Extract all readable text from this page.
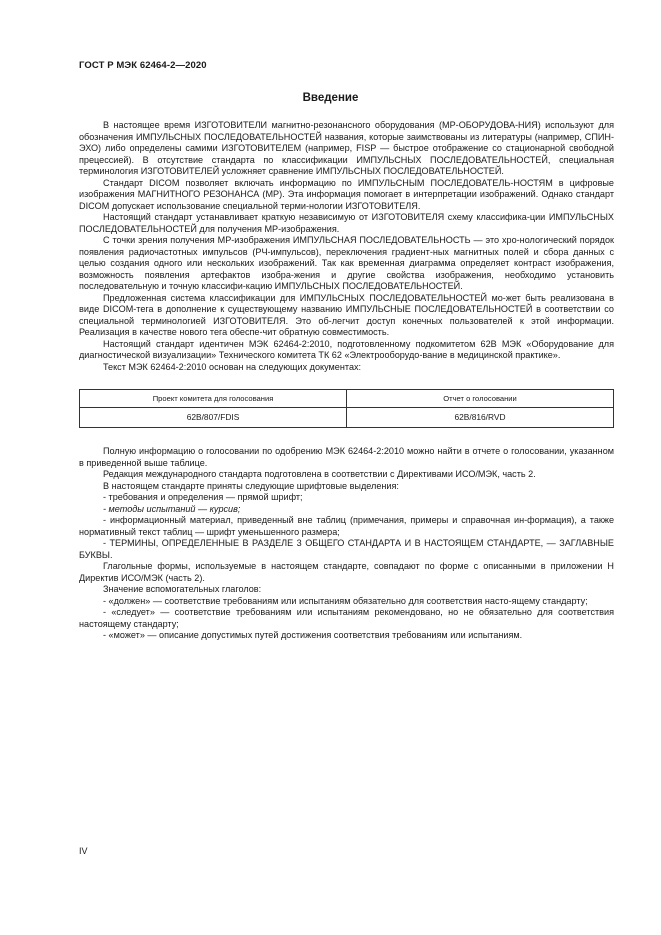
ГОСТ Р МЭК 62464-2—2020
Введение

В настоящее время ИЗГОТОВИТЕЛИ магнитно-резонансного оборудования (МР-ОБОРУДОВА-НИЯ) используют для обозначения ИМПУЛЬСНЫХ ПОСЛЕДОВАТЕЛЬНОСТЕЙ названия, которые заимствованы из литературы (например, СПИН-ЭХО) либо определены самими ИЗГОТОВИТЕЛЕМ (например, FISP — быстрое отображение со стационарной свободной прецессией). В отсутствие стандарта по классификации ИМПУЛЬСНЫХ ПОСЛЕДОВАТЕЛЬНОСТЕЙ, специальная терминология ИЗГОТОВИТЕЛЕЙ усложняет сравнение ИМПУЛЬСНЫХ ПОСЛЕДОВАТЕЛЬНОСТЕЙ.

Стандарт DICOM позволяет включать информацию по ИМПУЛЬСНЫМ ПОСЛЕДОВАТЕЛЬ-НОСТЯМ в цифровые изображения МАГНИТНОГО РЕЗОНАНСА (МР). Эта информация помогает в интерпретации изображений. Однако стандарт DICOM допускает использование специальной терми-нологии ИЗГОТОВИТЕЛЯ.

Настоящий стандарт устанавливает краткую независимую от ИЗГОТОВИТЕЛЯ схему классифика-ции ИМПУЛЬСНЫХ ПОСЛЕДОВАТЕЛЬНОСТЕЙ для получения МР-изображения.

С точки зрения получения МР-изображения ИМПУЛЬСНАЯ ПОСЛЕДОВАТЕЛЬНОСТЬ — это хро-нологический порядок появления радиочастотных импульсов (РЧ-импульсов), переключения градиент-ных магнитных полей и сбора данных с целью создания одного или нескольких изображений. Так как временная диаграмма определяет контраст изображения, возможность появления артефактов изобра-жения и другие свойства изображения, необходимо установить последовательную и точную классифи-кацию ИМПУЛЬСНЫХ ПОСЛЕДОВАТЕЛЬНОСТЕЙ.

Предложенная система классификации для ИМПУЛЬСНЫХ ПОСЛЕДОВАТЕЛЬНОСТЕЙ мо-жет быть реализована в виде DICOM-тега в дополнение к существующему названию ИМПУЛЬСНЫЕ ПОСЛЕДОВАТЕЛЬНОСТЕЙ в соответствии со специальной терминологией ИЗГОТОВИТЕЛЯ. Это об-легчит доступ конечных пользователей к этой информации. Реализация в качестве нового тега обеспе-чит обратную совместимость.

Настоящий стандарт идентичен МЭК 62464-2:2010, подготовленному подкомитетом 62В МЭК «Оборудование для диагностической визуализации» Технического комитета ТК 62 «Электрооборудо-вание в медицинской практике».

Текст МЭК 62464-2:2010 основан на следующих документах:

Проект комитета для голосования	Отчет о голосовании
62В/807/FDIS	62В/816/RVD

Полную информацию о голосовании по одобрению МЭК 62464-2:2010 можно найти в отчете о голосовании, указанном в приведенной выше таблице.

Редакция международного стандарта подготовлена в соответствии с Директивами ИСО/МЭК, часть 2.

В настоящем стандарте приняты следующие шрифтовые выделения:

- требования и определения — прямой шрифт;

- методы испытаний — курсив;

- информационный материал, приведенный вне таблиц (примечания, примеры и справочная ин-формация), а также нормативный текст таблиц — шрифт уменьшенного размера;

- ТЕРМИНЫ, ОПРЕДЕЛЕННЫЕ В РАЗДЕЛЕ 3 ОБЩЕГО СТАНДАРТА И В НАСТОЯЩЕМ СТАНДАРТЕ, — ЗАГЛАВНЫЕ БУКВЫ.

Глагольные формы, используемые в настоящем стандарте, совпадают по форме с описанными в приложении Н Директив ИСО/МЭК (часть 2).

Значение вспомогательных глаголов:

- «должен» — соответствие требованиям или испытаниям обязательно для соответствия насто-ящему стандарту;

- «следует» — соответствие требованиям или испытаниям рекомендовано, но не обязательно для соответствия настоящему стандарту;

- «может» — описание допустимых путей достижения соответствия требованиям или испытаниям.

IV
